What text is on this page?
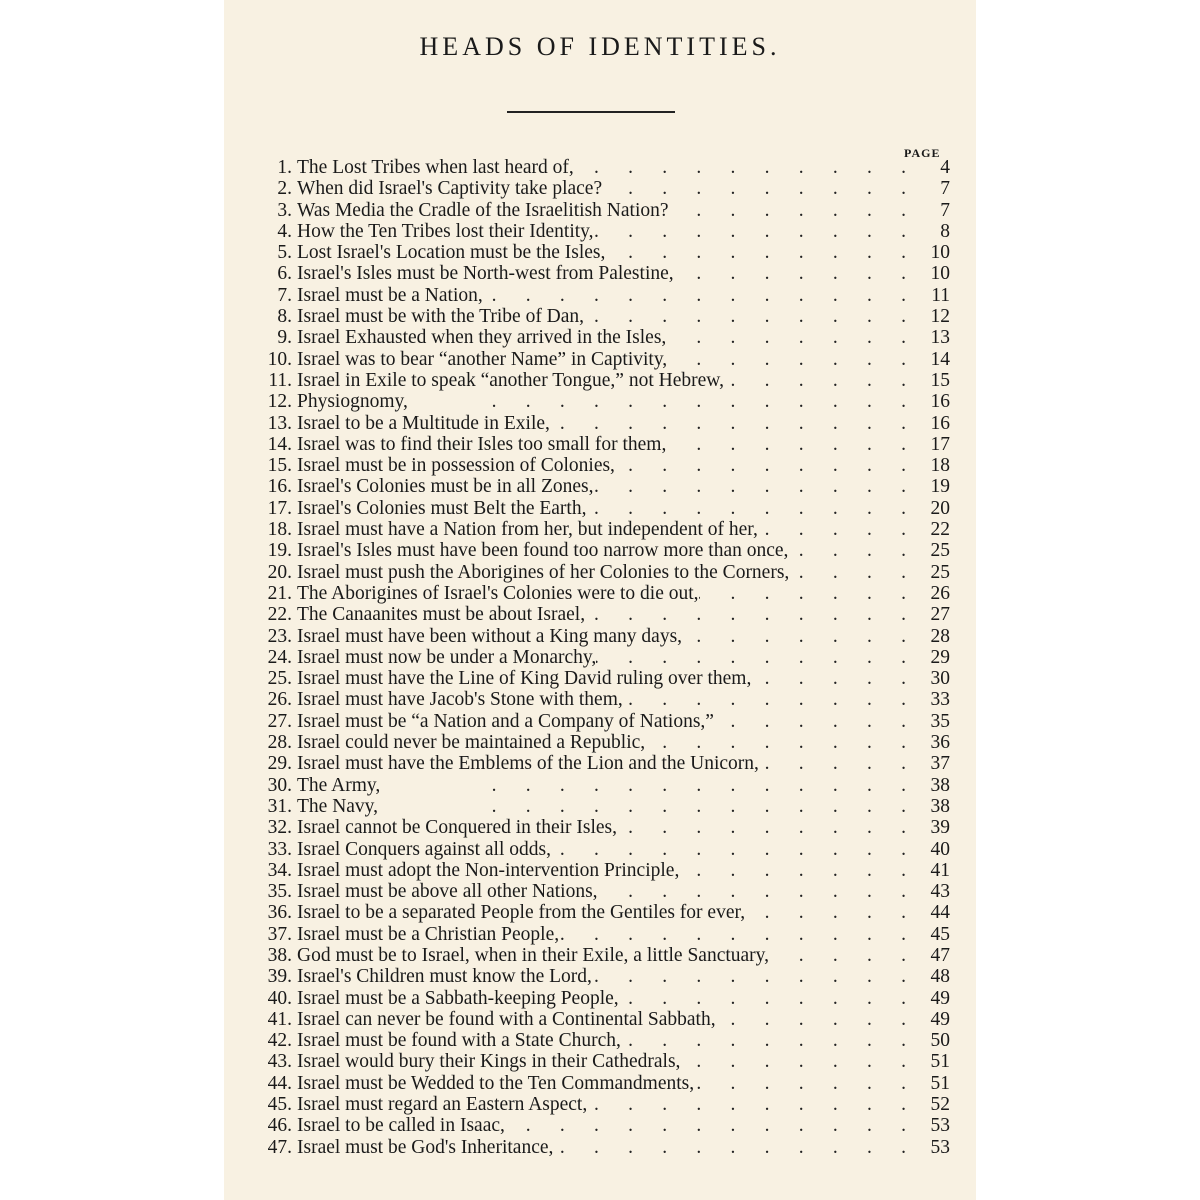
HEADS OF IDENTITIES.
PAGE
1. The Lost Tribes when last heard of, .	4
2. When did Israel's Captivity take place? .	7
3. Was Media the Cradle of the Israelitish Nation? .	7
4. How the Ten Tribes lost their Identity, .	8
5. Lost Israel's Location must be the Isles, .	10
6. Israel's Isles must be North-west from Palestine, .	10
7. Israel must be a Nation, .	11
8. Israel must be with the Tribe of Dan, .	12
9. Israel Exhausted when they arrived in the Isles, .	13
10. Israel was to bear “another Name” in Captivity, .	14
11. Israel in Exile to speak “another Tongue,” not Hebrew, .	15
12. Physiognomy, .	16
13. Israel to be a Multitude in Exile, .	16
14. Israel was to find their Isles too small for them, .	17
15. Israel must be in possession of Colonies, .	18
16. Israel's Colonies must be in all Zones, .	19
17. Israel's Colonies must Belt the Earth, .	20
18. Israel must have a Nation from her, but independent of her, .	22
19. Israel's Isles must have been found too narrow more than once, .	25
20. Israel must push the Aborigines of her Colonies to the Corners, .	25
21. The Aborigines of Israel's Colonies were to die out, .	26
22. The Canaanites must be about Israel, .	27
23. Israel must have been without a King many days, .	28
24. Israel must now be under a Monarchy, .	29
25. Israel must have the Line of King David ruling over them, .	30
26. Israel must have Jacob's Stone with them, .	33
27. Israel must be “a Nation and a Company of Nations,” .	35
28. Israel could never be maintained a Republic, .	36
29. Israel must have the Emblems of the Lion and the Unicorn, .	37
30. The Army, .	38
31. The Navy, .	38
32. Israel cannot be Conquered in their Isles, .	39
33. Israel Conquers against all odds, .	40
34. Israel must adopt the Non-intervention Principle, .	41
35. Israel must be above all other Nations, .	43
36. Israel to be a separated People from the Gentiles for ever, .	44
37. Israel must be a Christian People, .	45
38. God must be to Israel, when in their Exile, a little Sanctuary, .	47
39. Israel's Children must know the Lord, .	48
40. Israel must be a Sabbath-keeping People, .	49
41. Israel can never be found with a Continental Sabbath, .	49
42. Israel must be found with a State Church, .	50
43. Israel would bury their Kings in their Cathedrals, .	51
44. Israel must be Wedded to the Ten Commandments, .	51
45. Israel must regard an Eastern Aspect, .	52
46. Israel to be called in Isaac, .	53
47. Israel must be God's Inheritance, .	53
